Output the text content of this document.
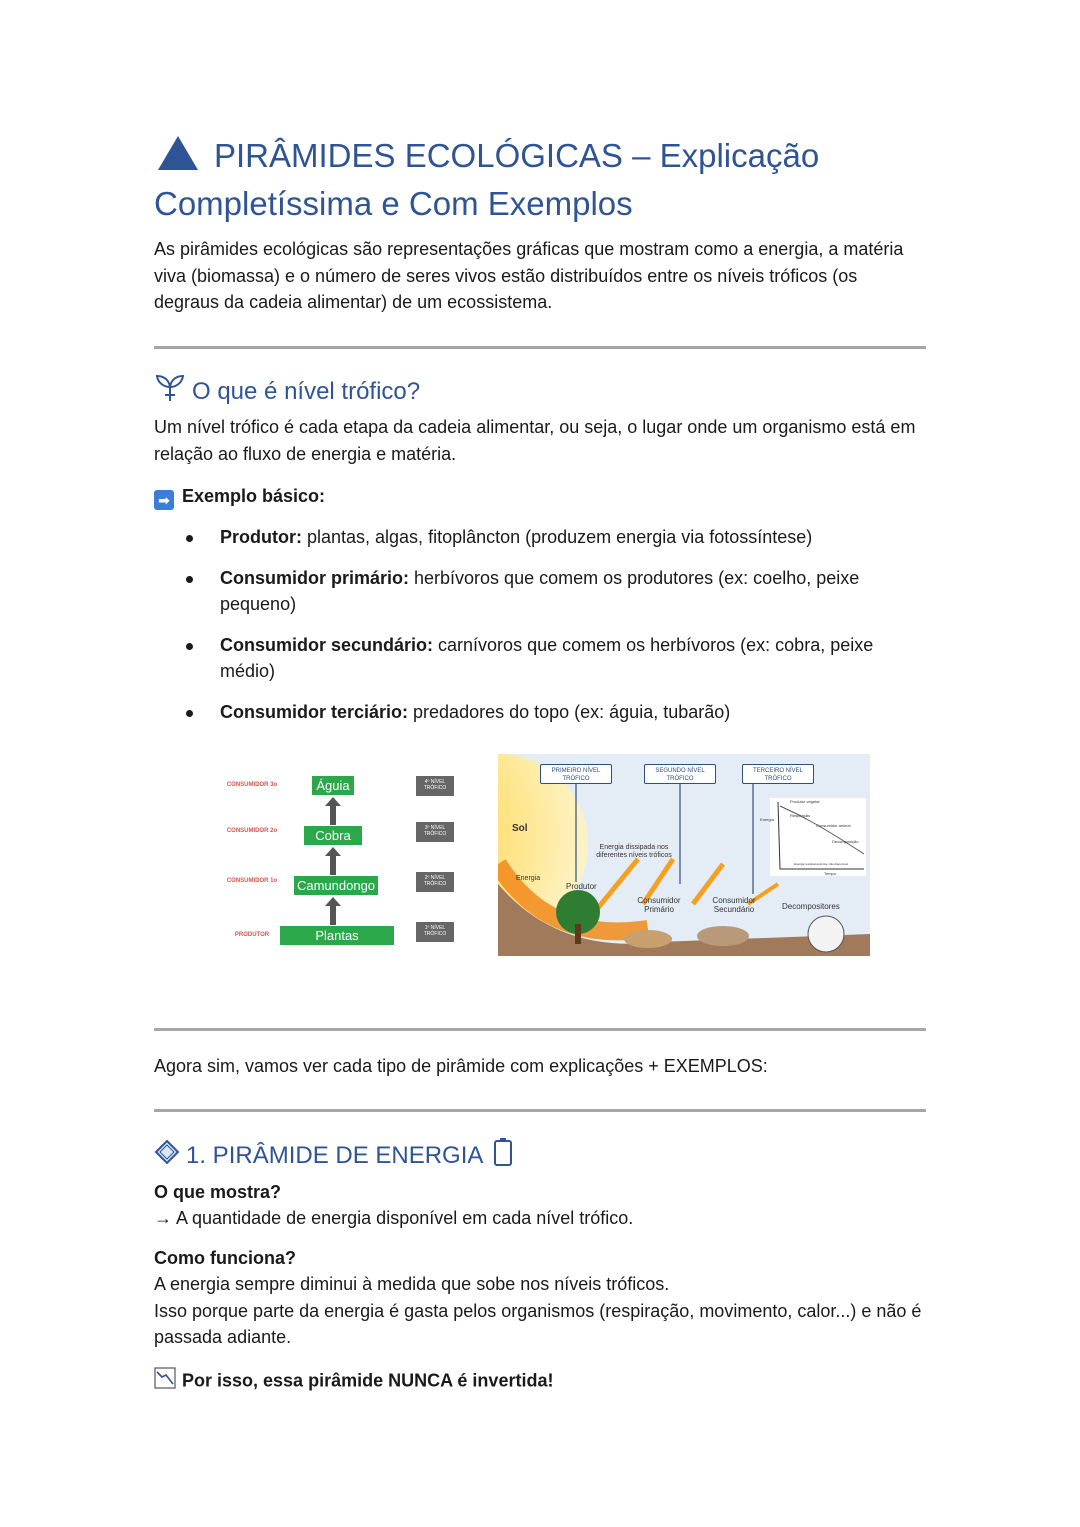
PIRÂMIDES ECOLÓGICAS – Explicação
Completíssima e Com Exemplos

As pirâmides ecológicas são representações gráficas que mostram como a energia, a matéria viva (biomassa) e o número de seres vivos estão distribuídos entre os níveis tróficos (os degraus da cadeia alimentar) de um ecossistema.

O que é nível trófico?

Um nível trófico é cada etapa da cadeia alimentar, ou seja, o lugar onde um organismo está em relação ao fluxo de energia e matéria.

➡ Exemplo básico:

Produtor: plantas, algas, fitoplâncton (produzem energia via fotossíntese)
Consumidor primário: herbívoros que comem os produtores (ex: coelho, peixe pequeno)
Consumidor secundário: carnívoros que comem os herbívoros (ex: cobra, peixe médio)
Consumidor terciário: predadores do topo (ex: águia, tubarão)
CONSUMIDOR 3o
CONSUMIDOR 2o
CONSUMIDOR 1o
PRODUTOR
Águia
Cobra
Camundongo
Plantas
4º NÍVEL TRÓFICO
3º NÍVEL TRÓFICO
2º NÍVEL TRÓFICO
1º NÍVEL TRÓFICO
PRIMEIRO NÍVEL TRÓFICO
SEGUNDO NÍVEL TRÓFICO
TERCEIRO NÍVEL TRÓFICO
Sol
Energia
Energia dissipada nos diferentes níveis tróficos
Produtor
Consumidor Primário
Consumidor Secundário	Decompositores
Produtor vegetal
Respiração
Consumidor animal
Decomposição
Energia
Tempo
Energia residual química, não disponível

Agora sim, vamos ver cada tipo de pirâmide com explicações + EXEMPLOS:

1. PIRÂMIDE DE ENERGIA

O que mostra?

→ A quantidade de energia disponível em cada nível trófico.

Como funciona?

A energia sempre diminui à medida que sobe nos níveis tróficos.
Isso porque parte da energia é gasta pelos organismos (respiração, movimento, calor...) e não é passada adiante.

Por isso, essa pirâmide NUNCA é invertida!
